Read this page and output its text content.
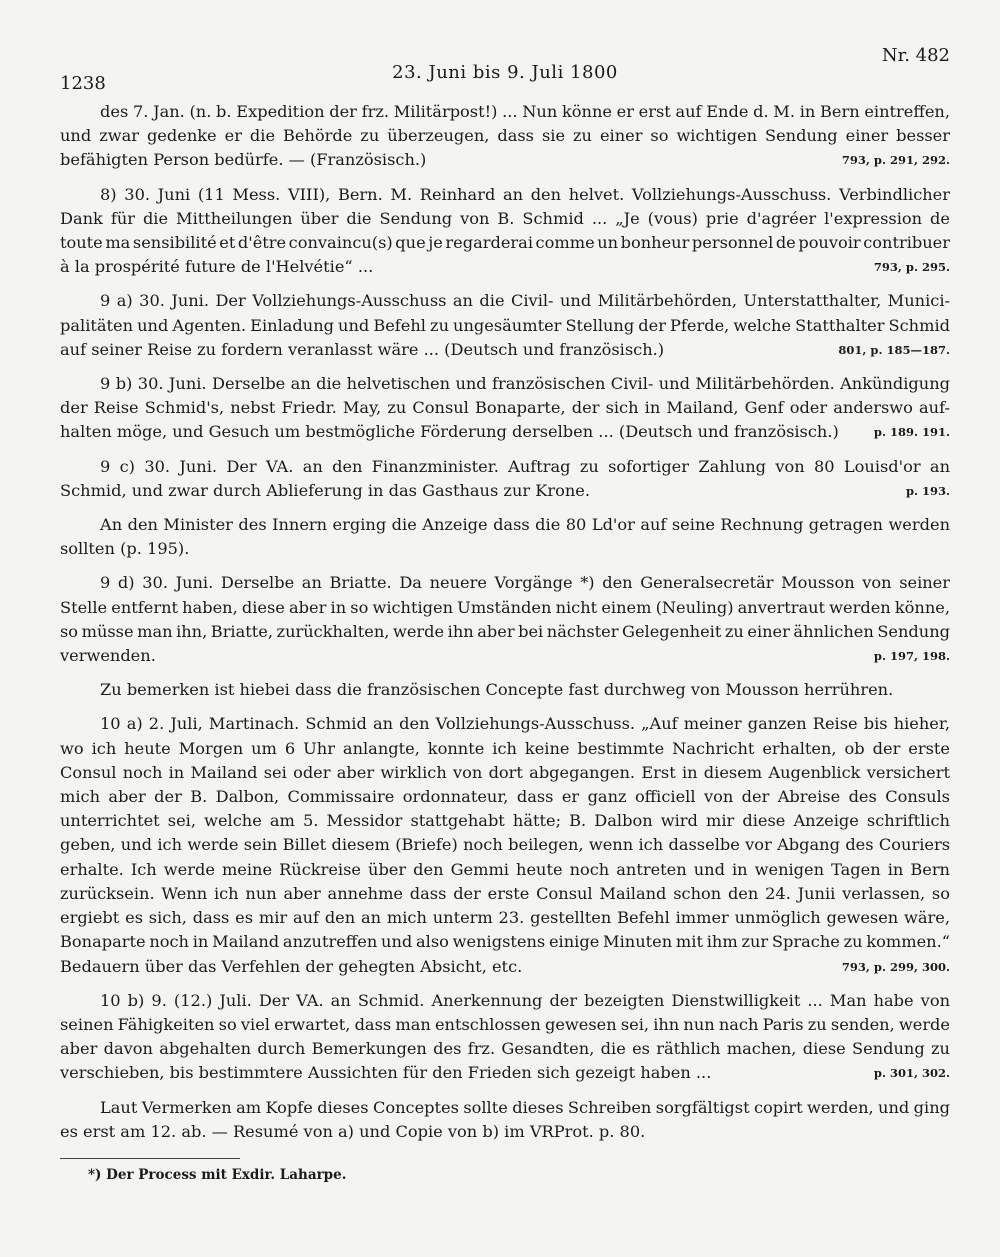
1238
23. Juni bis 9. Juli 1800
Nr. 482
des 7. Jan. (n. b. Expedition der frz. Militärpost!) ... Nun könne er erst auf Ende d. M. in Bern eintreffen,
und zwar gedenke er die Behörde zu überzeugen, dass sie zu einer so wichtigen Sendung einer besser
793, p. 291, 292.
befähigten Person bedürfe. — (Französisch.)
8) 30. Juni (11 Mess. VIII), Bern. M. Reinhard an den helvet. Vollziehungs-Ausschuss. Verbindlicher
Dank für die Mittheilungen über die Sendung von B. Schmid ... „Je (vous) prie d'agréer l'expression de
toute ma sensibilité et d'être convaincu(s) que je regarderai comme un bonheur personnel de pouvoir contribuer
793, p. 295.
à la prospérité future de l'Helvétie“ ...
9 a) 30. Juni. Der Vollziehungs-Ausschuss an die Civil- und Militärbehörden, Unterstatthalter, Munici-
palitäten und Agenten. Einladung und Befehl zu ungesäumter Stellung der Pferde, welche Statthalter Schmid
801, p. 185—187.
auf seiner Reise zu fordern veranlasst wäre ... (Deutsch und französisch.)
9 b) 30. Juni. Derselbe an die helvetischen und französischen Civil- und Militärbehörden. Ankündigung
der Reise Schmid's, nebst Friedr. May, zu Consul Bonaparte, der sich in Mailand, Genf oder anderswo auf-
p. 189. 191.
halten möge, und Gesuch um bestmögliche Förderung derselben ... (Deutsch und französisch.)
9 c) 30. Juni. Der VA. an den Finanzminister. Auftrag zu sofortiger Zahlung von 80 Louisd'or an
p. 193.
Schmid, und zwar durch Ablieferung in das Gasthaus zur Krone.
An den Minister des Innern erging die Anzeige dass die 80 Ld'or auf seine Rechnung getragen werden
sollten (p. 195).
9 d) 30. Juni. Derselbe an Briatte. Da neuere Vorgänge *) den Generalsecretär Mousson von seiner
Stelle entfernt haben, diese aber in so wichtigen Umständen nicht einem (Neuling) anvertraut werden könne,
so müsse man ihn, Briatte, zurückhalten, werde ihn aber bei nächster Gelegenheit zu einer ähnlichen Sendung
p. 197, 198.
verwenden.
Zu bemerken ist hiebei dass die französischen Concepte fast durchweg von Mousson herrühren.
10 a) 2. Juli, Martinach. Schmid an den Vollziehungs-Ausschuss. „Auf meiner ganzen Reise bis hieher,
wo ich heute Morgen um 6 Uhr anlangte, konnte ich keine bestimmte Nachricht erhalten, ob der erste
Consul noch in Mailand sei oder aber wirklich von dort abgegangen. Erst in diesem Augenblick versichert
mich aber der B. Dalbon, Commissaire ordonnateur, dass er ganz officiell von der Abreise des Consuls
unterrichtet sei, welche am 5. Messidor stattgehabt hätte; B. Dalbon wird mir diese Anzeige schriftlich
geben, und ich werde sein Billet diesem (Briefe) noch beilegen, wenn ich dasselbe vor Abgang des Couriers
erhalte. Ich werde meine Rückreise über den Gemmi heute noch antreten und in wenigen Tagen in Bern
zurücksein. Wenn ich nun aber annehme dass der erste Consul Mailand schon den 24. Junii verlassen, so
ergiebt es sich, dass es mir auf den an mich unterm 23. gestellten Befehl immer unmöglich gewesen wäre,
Bonaparte noch in Mailand anzutreffen und also wenigstens einige Minuten mit ihm zur Sprache zu kommen.“
793, p. 299, 300.
Bedauern über das Verfehlen der gehegten Absicht, etc.
10 b) 9. (12.) Juli. Der VA. an Schmid. Anerkennung der bezeigten Dienstwilligkeit ... Man habe von
seinen Fähigkeiten so viel erwartet, dass man entschlossen gewesen sei, ihn nun nach Paris zu senden, werde
aber davon abgehalten durch Bemerkungen des frz. Gesandten, die es räthlich machen, diese Sendung zu
p. 301, 302.
verschieben, bis bestimmtere Aussichten für den Frieden sich gezeigt haben ...
Laut Vermerken am Kopfe dieses Conceptes sollte dieses Schreiben sorgfältigst copirt werden, und ging
es erst am 12. ab. — Resumé von a) und Copie von b) im VRProt. p. 80.
*) Der Process mit Exdir. Laharpe.
